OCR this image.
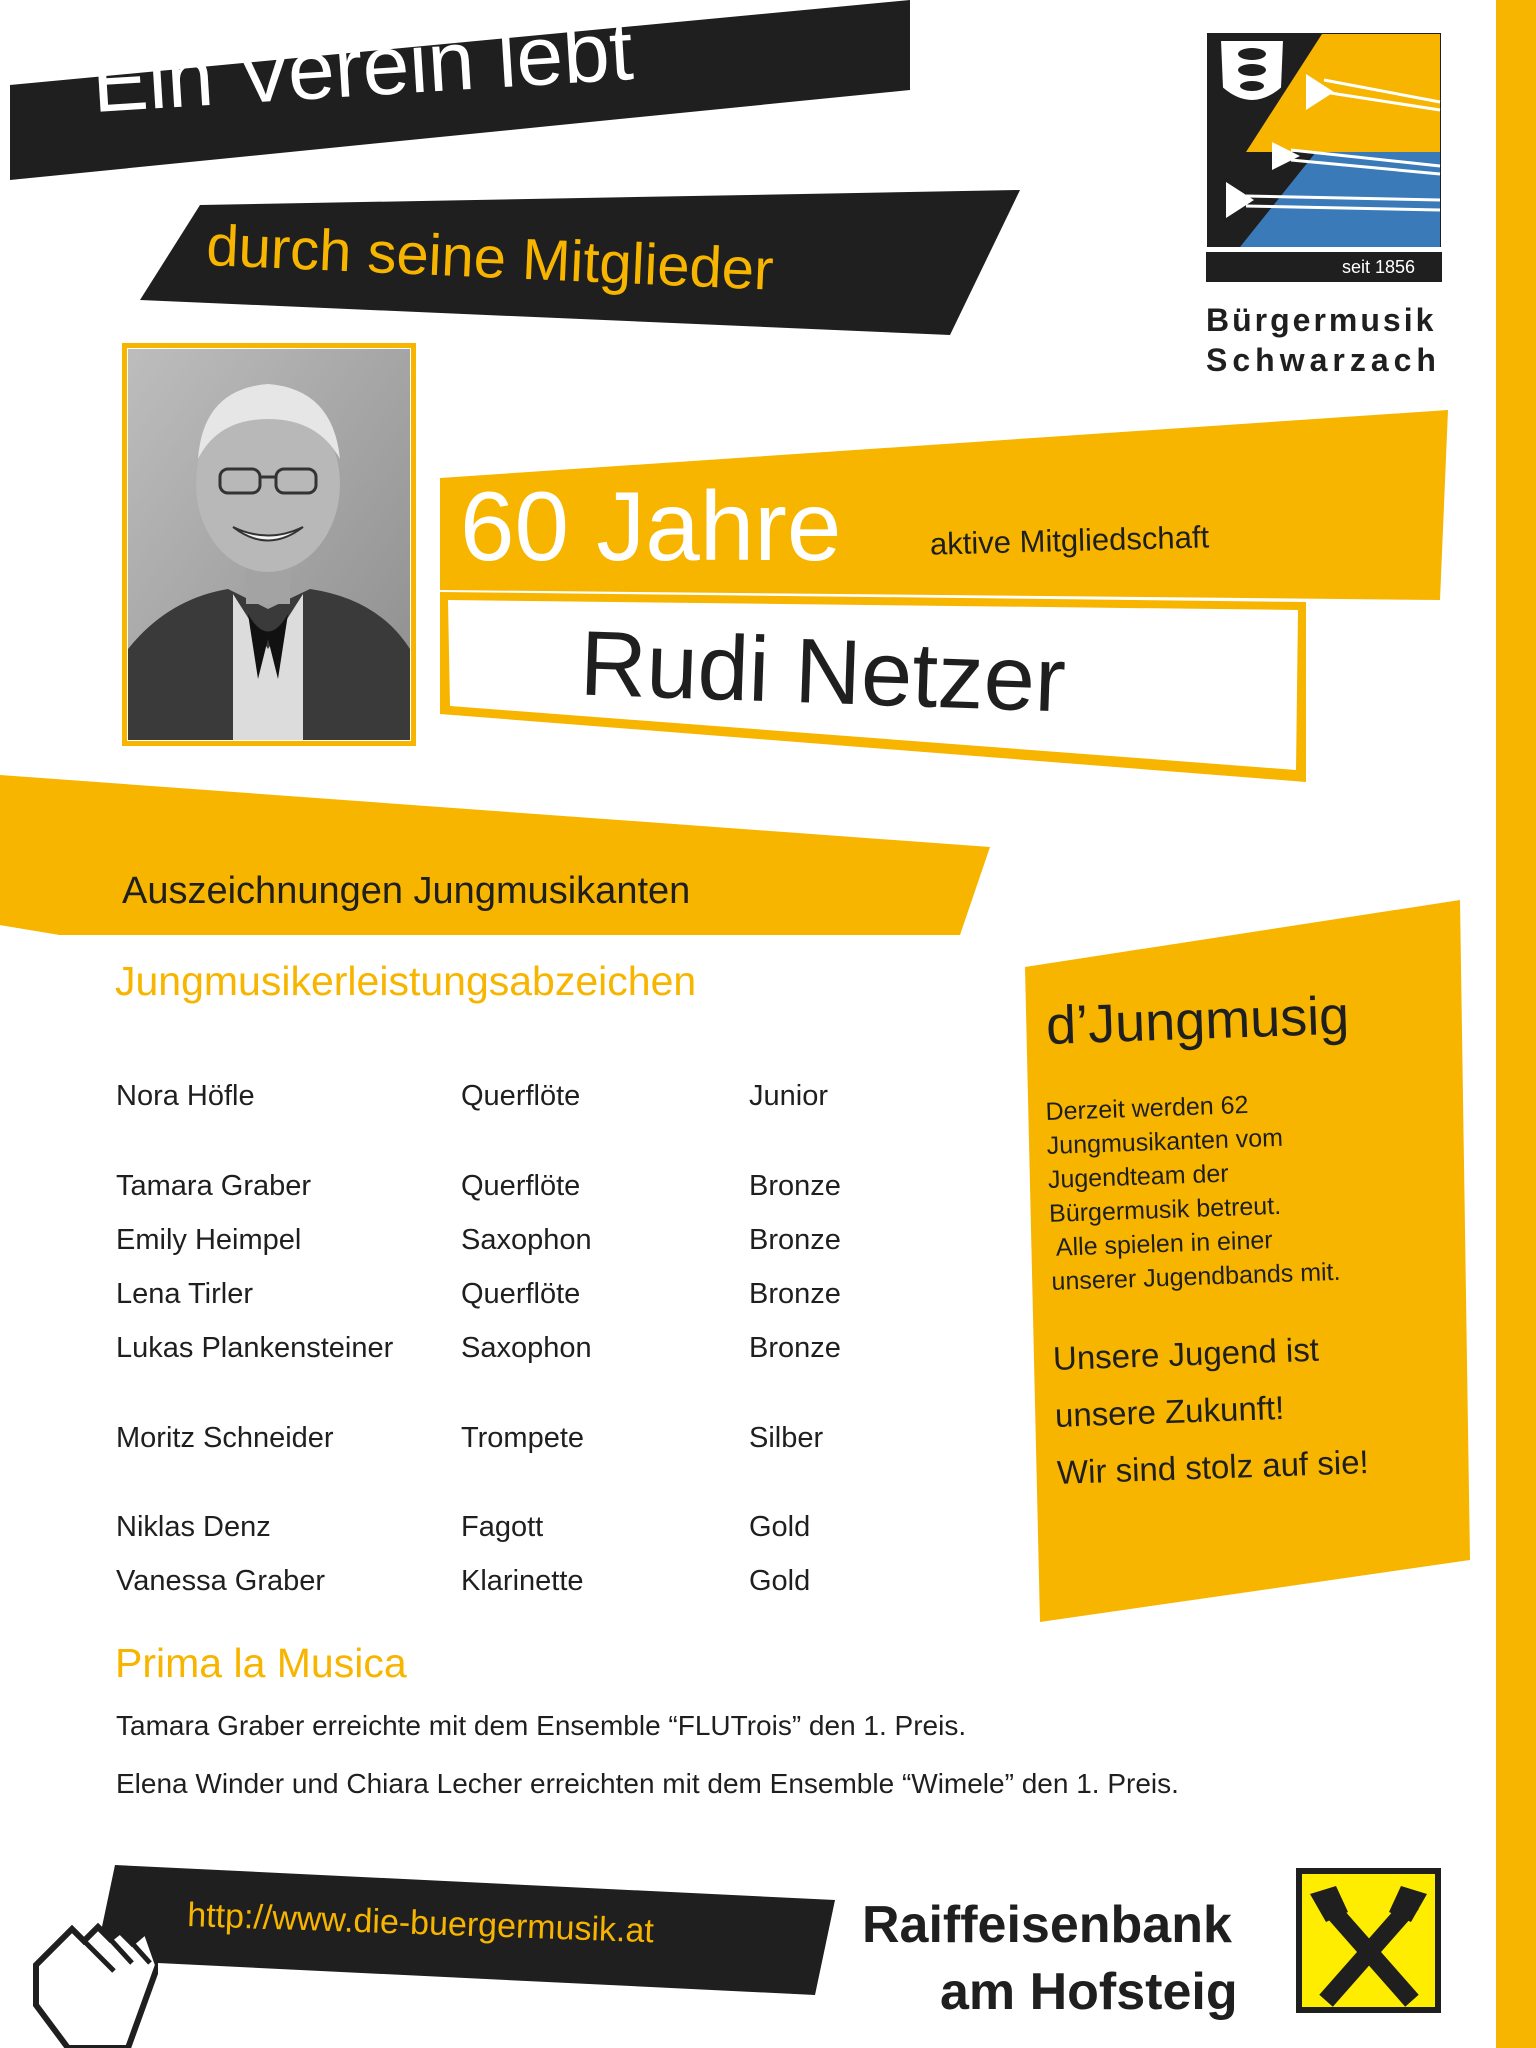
Ein Verein lebt
durch seine Mitglieder	seit 1856
Bürgermusik
Schwarzach
60 Jahre	aktive Mitgliedschaft
Rudi Netzer
Auszeichnungen Jungmusikanten
Jungmusikerleistungsabzeichen
Nora Höfle	Querflöte	Junior
Tamara Graber	Querflöte	Bronze
Emily Heimpel	Saxophon	Bronze
Lena Tirler	Querflöte	Bronze
Lukas Plankensteiner Saxophon	Bronze
Moritz Schneider	Trompete	Silber
Niklas Denz	Fagott	Gold
Vanessa Graber	Klarinette	Gold
Prima la Musica
Tamara Graber erreichte mit dem Ensemble “FLUTrois” den 1. Preis.
Elena Winder und Chiara Lecher erreichten mit dem Ensemble “Wimele” den 1. Preis.
d’Jungmusig
Derzeit werden 62
Jungmusikanten vom
Jugendteam der
Bürgermusik betreut.
Alle spielen in einer
unserer Jugendbands mit.
Unsere Jugend ist
unsere Zukunft!
Wir sind stolz auf sie!
http://www.die-buergermusik.at	Raiffeisenbank
am Hofsteig
